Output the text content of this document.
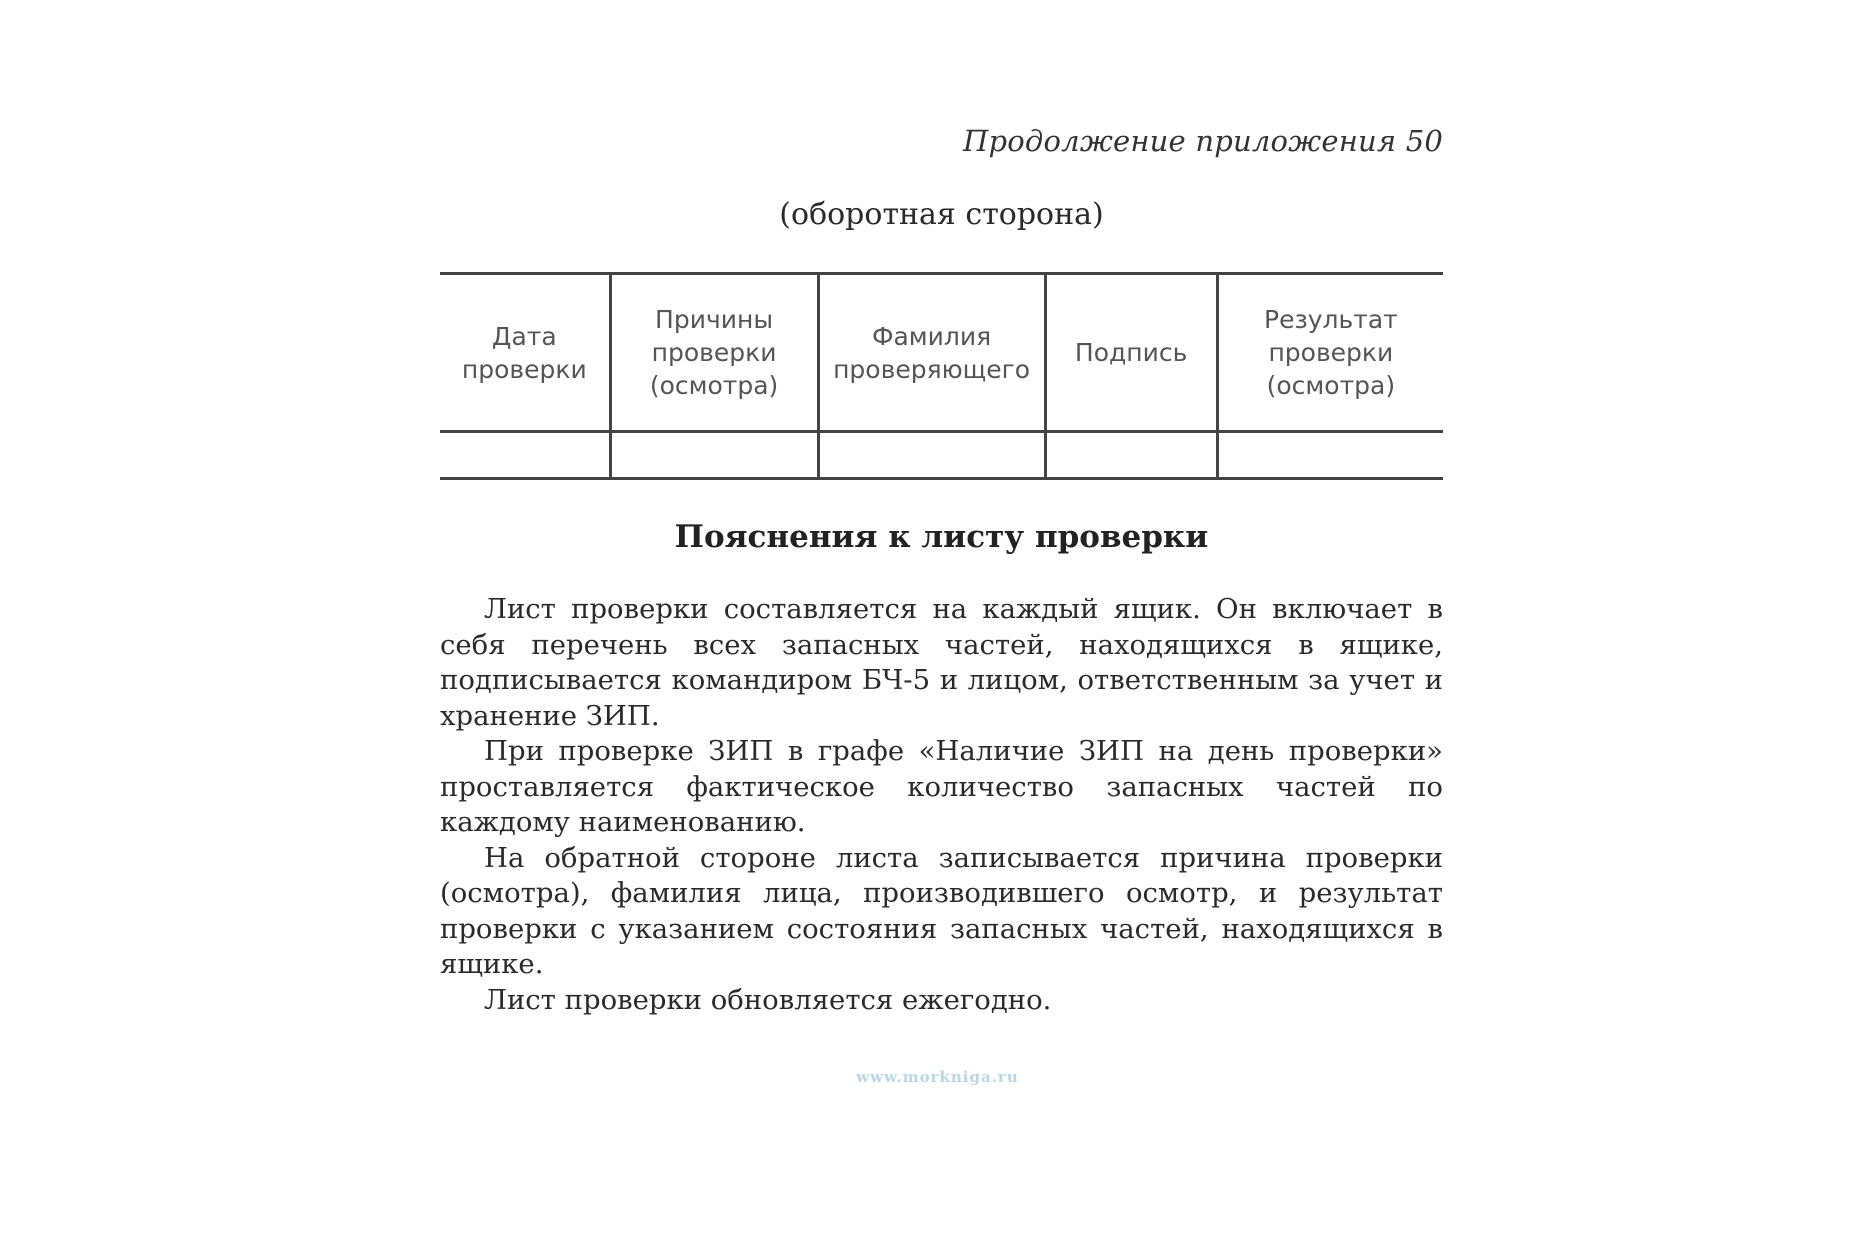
Продолжение приложения 50
(оборотная сторона)
Дата проверки	Причины проверки (осмотра)	Фамилия проверяющего	Подпись	Результат проверки (осмотра)

Пояснения к листу проверки

Лист проверки составляется на каждый ящик. Он включает в себя перечень всех запасных частей, находящихся в ящике, подписывается командиром БЧ-5 и лицом, ответственным за учет и хранение ЗИП.

При проверке ЗИП в графе «Наличие ЗИП на день проверки» проставляется фактическое количество запасных частей по каждому наименованию.

На обратной стороне листа записывается причина проверки (осмотра), фамилия лица, производившего осмотр, и результат проверки с указанием состояния запасных частей, находящихся в ящике.

Лист проверки обновляется ежегодно.

www.morkniga.ru
